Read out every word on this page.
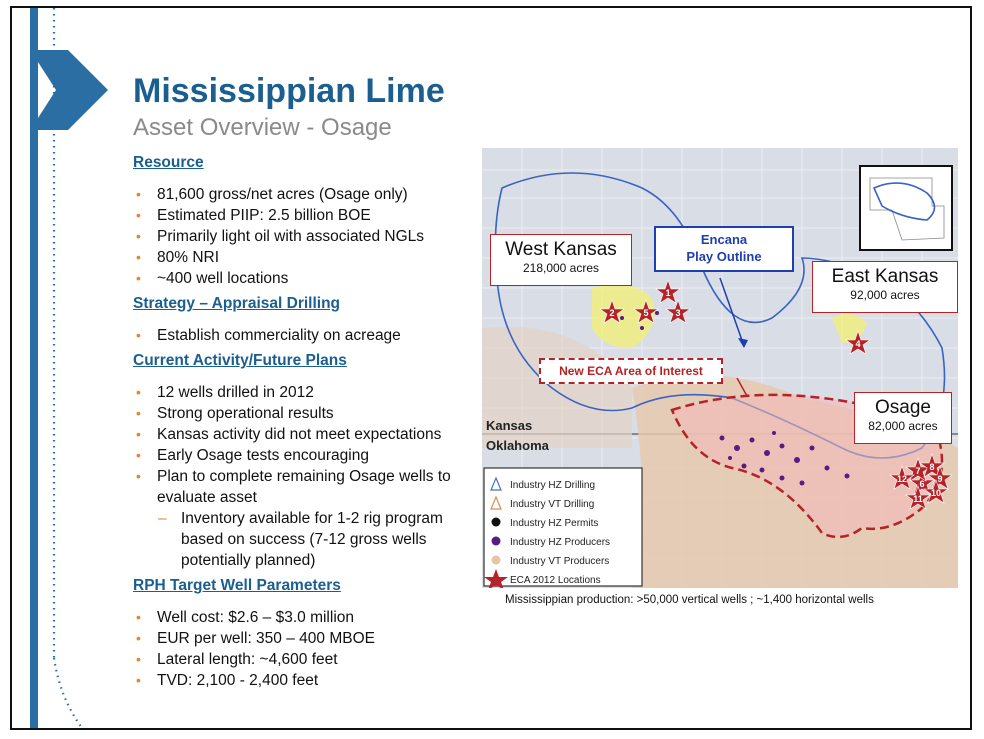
Mississippian Lime
Asset Overview - Osage
Resource
• 81,600 gross/net acres (Osage only)
• Estimated PIIP: 2.5 billion BOE
• Primarily light oil with associated NGLs
• 80% NRI
• ~400 well locations
Strategy – Appraisal Drilling
• Establish commerciality on acreage
Current Activity/Future Plans
• 12 wells drilled in 2012
• Strong operational results
• Kansas activity did not meet expectations
• Early Osage tests encouraging
• Plan to complete remaining Osage wells to evaluate asset
– Inventory available for 1-2 rig program based on success (7-12 gross wells potentially planned)
RPH Target Well Parameters
• Well cost: $2.6 – $3.0 million
• EUR per well: 350 – 400 MBOE
• Lateral length: ~4,600 feet
• TVD: 2,100 - 2,400 feet
1
2	3
4
5
6
7 8
9
10
11
12
Kansas
Oklahoma
Industry HZ Drilling
Industry VT Drilling
Industry HZ Permits
Industry HZ Producers
Industry VT Producers
ECA 2012 Locations
West Kansas
218,000 acres
Encana
Play Outline
East Kansas
92,000 acres
New ECA Area of Interest
Osage
82,000 acres
Mississippian production: >50,000 vertical wells ; ~1,400 horizontal wells
